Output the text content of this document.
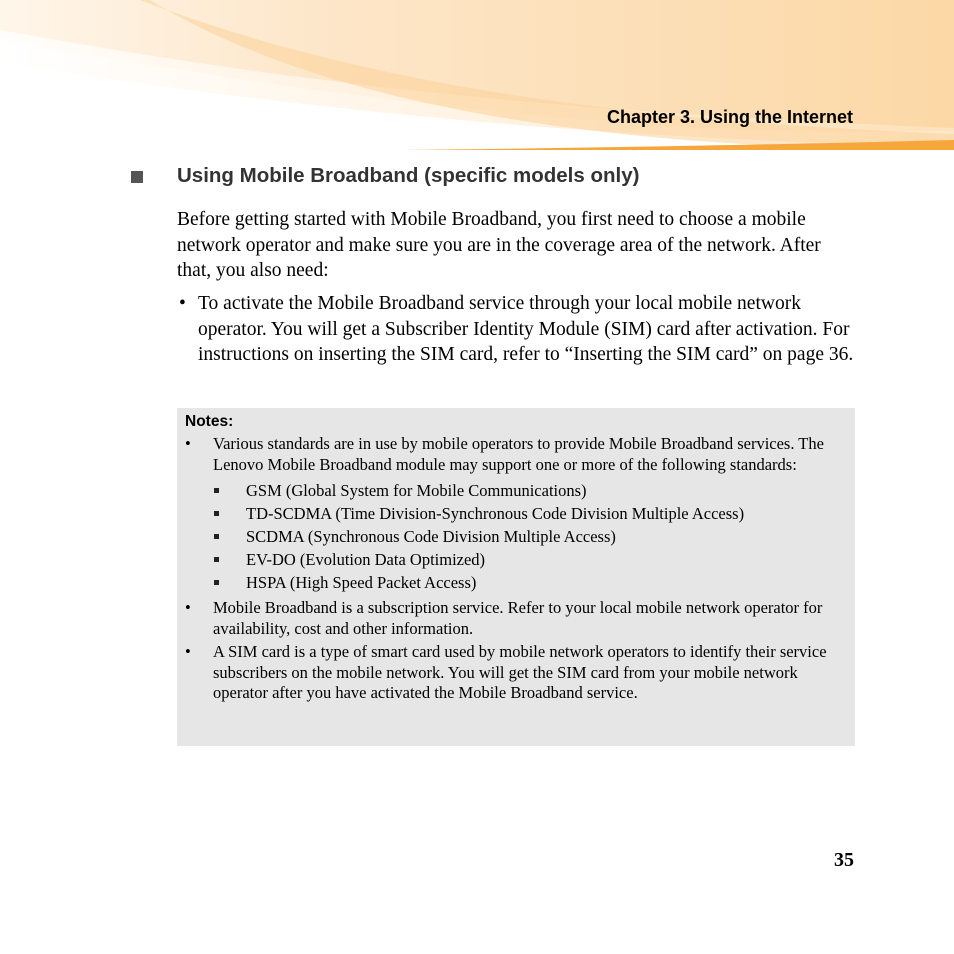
Chapter 3. Using the Internet
Using Mobile Broadband (specific models only)

Before getting started with Mobile Broadband, you first need to choose a mobile network operator and make sure you are in the coverage area of the network. After that, you also need:

• To activate the Mobile Broadband service through your local mobile network operator. You will get a Subscriber Identity Module (SIM) card after activation. For instructions on inserting the SIM card, refer to “Inserting the SIM card” on page 36.
Notes:
• Various standards are in use by mobile operators to provide Mobile Broadband services. The Lenovo Mobile Broadband module may support one or more of the following standards:
GSM (Global System for Mobile Communications)
TD-SCDMA (Time Division-Synchronous Code Division Multiple Access)
SCDMA (Synchronous Code Division Multiple Access)
EV-DO (Evolution Data Optimized)
HSPA (High Speed Packet Access)
• Mobile Broadband is a subscription service. Refer to your local mobile network operator for availability, cost and other information.
• A SIM card is a type of smart card used by mobile network operators to identify their service subscribers on the mobile network. You will get the SIM card from your mobile network operator after you have activated the Mobile Broadband service.
35
